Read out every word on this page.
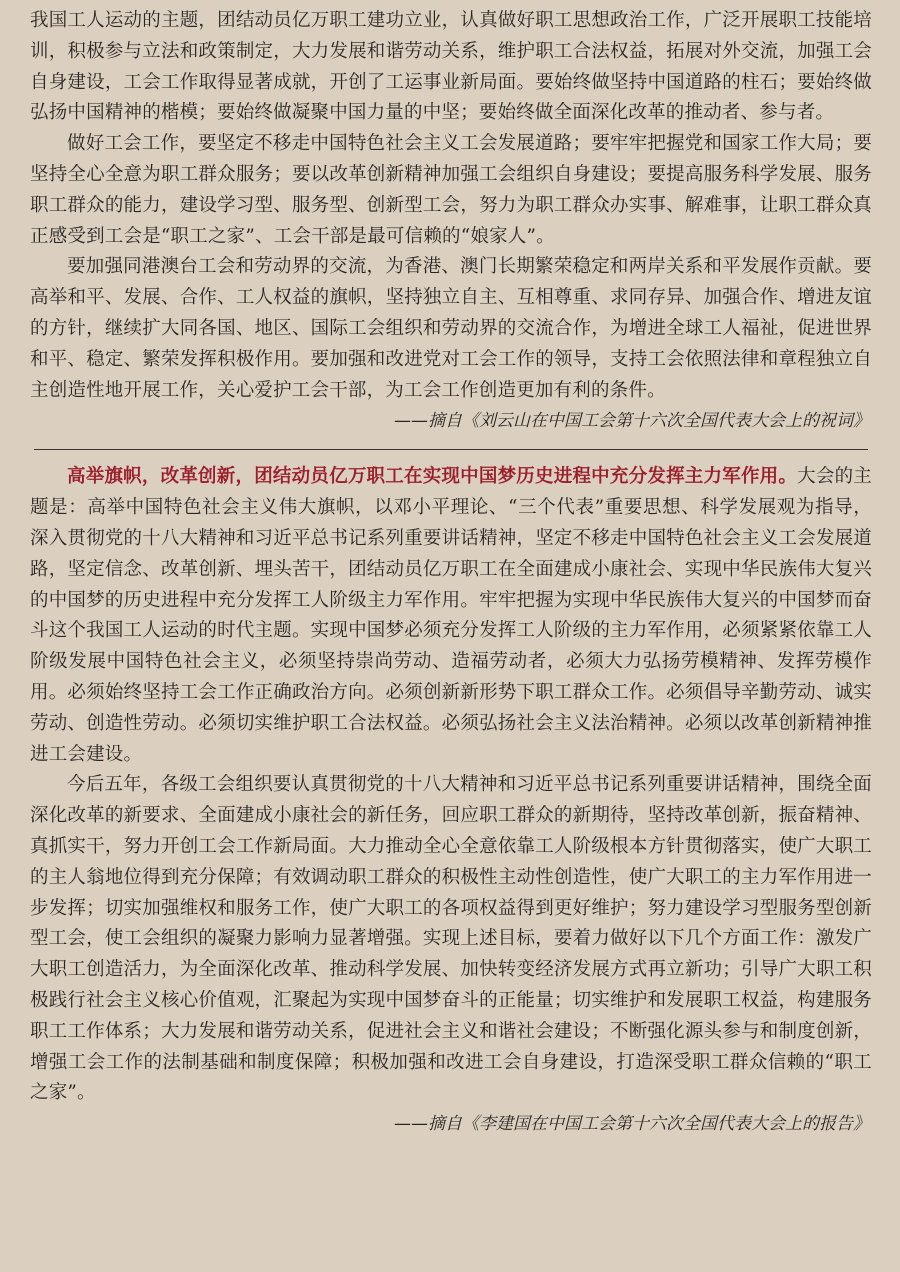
我国工人运动的主题，团结动员亿万职工建功立业，认真做好职工思想政治工作，广泛开展职工技能培训，积极参与立法和政策制定，大力发展和谐劳动关系，维护职工合法权益，拓展对外交流，加强工会自身建设，工会工作取得显著成就，开创了工运事业新局面。要始终做坚持中国道路的柱石；要始终做弘扬中国精神的楷模；要始终做凝聚中国力量的中坚；要始终做全面深化改革的推动者、参与者。

做好工会工作，要坚定不移走中国特色社会主义工会发展道路；要牢牢把握党和国家工作大局；要坚持全心全意为职工群众服务；要以改革创新精神加强工会组织自身建设；要提高服务科学发展、服务职工群众的能力，建设学习型、服务型、创新型工会，努力为职工群众办实事、解难事，让职工群众真正感受到工会是“职工之家”、工会干部是最可信赖的“娘家人”。

要加强同港澳台工会和劳动界的交流，为香港、澳门长期繁荣稳定和两岸关系和平发展作贡献。要高举和平、发展、合作、工人权益的旗帜，坚持独立自主、互相尊重、求同存异、加强合作、增进友谊的方针，继续扩大同各国、地区、国际工会组织和劳动界的交流合作，为增进全球工人福祉，促进世界和平、稳定、繁荣发挥积极作用。要加强和改进党对工会工作的领导，支持工会依照法律和章程独立自主创造性地开展工作，关心爱护工会干部，为工会工作创造更加有利的条件。

——摘自《刘云山在中国工会第十六次全国代表大会上的祝词》

高举旗帜，改革创新，团结动员亿万职工在实现中国梦历史进程中充分发挥主力军作用。大会的主题是：高举中国特色社会主义伟大旗帜，以邓小平理论、“三个代表”重要思想、科学发展观为指导，深入贯彻党的十八大精神和习近平总书记系列重要讲话精神，坚定不移走中国特色社会主义工会发展道路，坚定信念、改革创新、埋头苦干，团结动员亿万职工在全面建成小康社会、实现中华民族伟大复兴的中国梦的历史进程中充分发挥工人阶级主力军作用。牢牢把握为实现中华民族伟大复兴的中国梦而奋斗这个我国工人运动的时代主题。实现中国梦必须充分发挥工人阶级的主力军作用，必须紧紧依靠工人阶级发展中国特色社会主义，必须坚持崇尚劳动、造福劳动者，必须大力弘扬劳模精神、发挥劳模作用。必须始终坚持工会工作正确政治方向。必须创新新形势下职工群众工作。必须倡导辛勤劳动、诚实劳动、创造性劳动。必须切实维护职工合法权益。必须弘扬社会主义法治精神。必须以改革创新精神推进工会建设。

今后五年，各级工会组织要认真贯彻党的十八大精神和习近平总书记系列重要讲话精神，围绕全面深化改革的新要求、全面建成小康社会的新任务，回应职工群众的新期待，坚持改革创新，振奋精神、真抓实干，努力开创工会工作新局面。大力推动全心全意依靠工人阶级根本方针贯彻落实，使广大职工的主人翁地位得到充分保障；有效调动职工群众的积极性主动性创造性，使广大职工的主力军作用进一步发挥；切实加强维权和服务工作，使广大职工的各项权益得到更好维护；努力建设学习型服务型创新型工会，使工会组织的凝聚力影响力显著增强。实现上述目标，要着力做好以下几个方面工作：激发广大职工创造活力，为全面深化改革、推动科学发展、加快转变经济发展方式再立新功；引导广大职工积极践行社会主义核心价值观，汇聚起为实现中国梦奋斗的正能量；切实维护和发展职工权益，构建服务职工工作体系；大力发展和谐劳动关系，促进社会主义和谐社会建设；不断强化源头参与和制度创新，增强工会工作的法制基础和制度保障；积极加强和改进工会自身建设，打造深受职工群众信赖的“职工之家”。

——摘自《李建国在中国工会第十六次全国代表大会上的报告》
